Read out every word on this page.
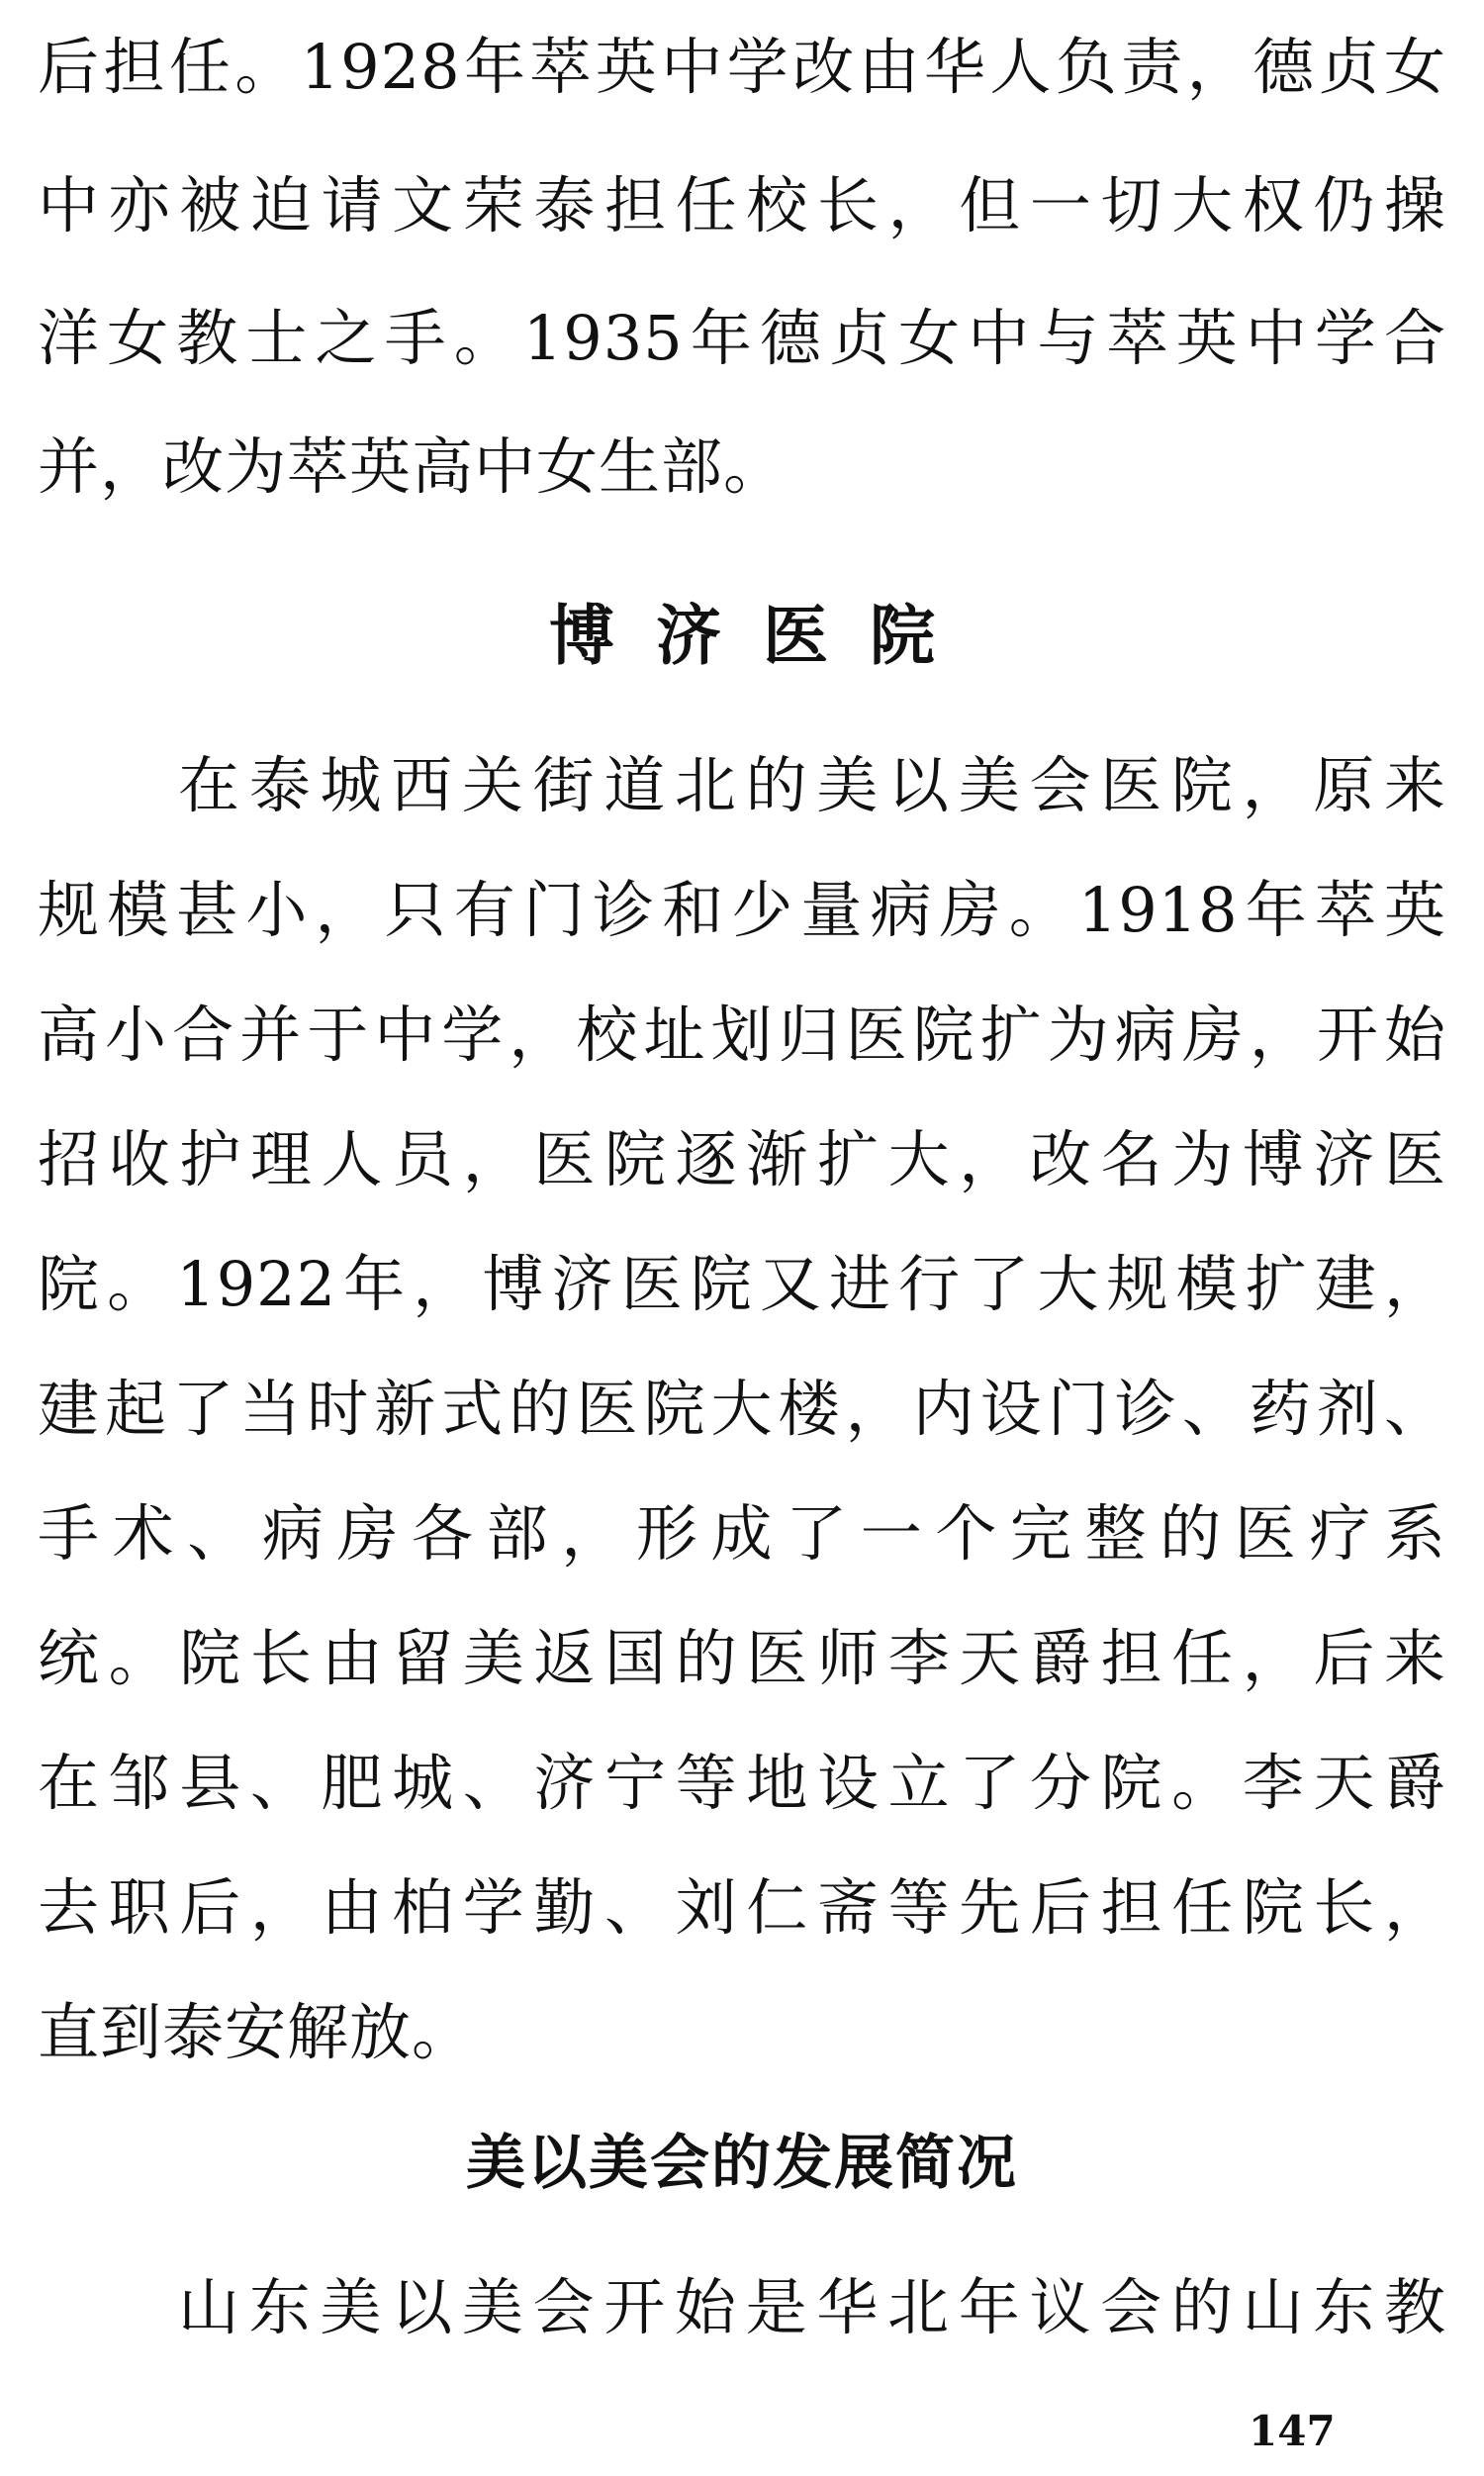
后担任。1928年萃英中学改由华人负责，德贞女
中亦被迫请文荣泰担任校长，但一切大权仍操
洋女教士之手。1935年德贞女中与萃英中学合
并，改为萃英高中女生部。
博济医院
在泰城西关街道北的美以美会医院，原来
规模甚小，只有门诊和少量病房。1918年萃英
高小合并于中学，校址划归医院扩为病房，开始
招收护理人员，医院逐渐扩大，改名为博济医
院。1922年，博济医院又进行了大规模扩建，
建起了当时新式的医院大楼，内设门诊、药剂、
手术、病房各部，形成了一个完整的医疗系
统。院长由留美返国的医师李天爵担任，后来
在邹县、肥城、济宁等地设立了分院。李天爵
去职后，由柏学勤、刘仁斋等先后担任院长，
直到泰安解放。
美以美会的发展简况
山东美以美会开始是华北年议会的山东教
147
